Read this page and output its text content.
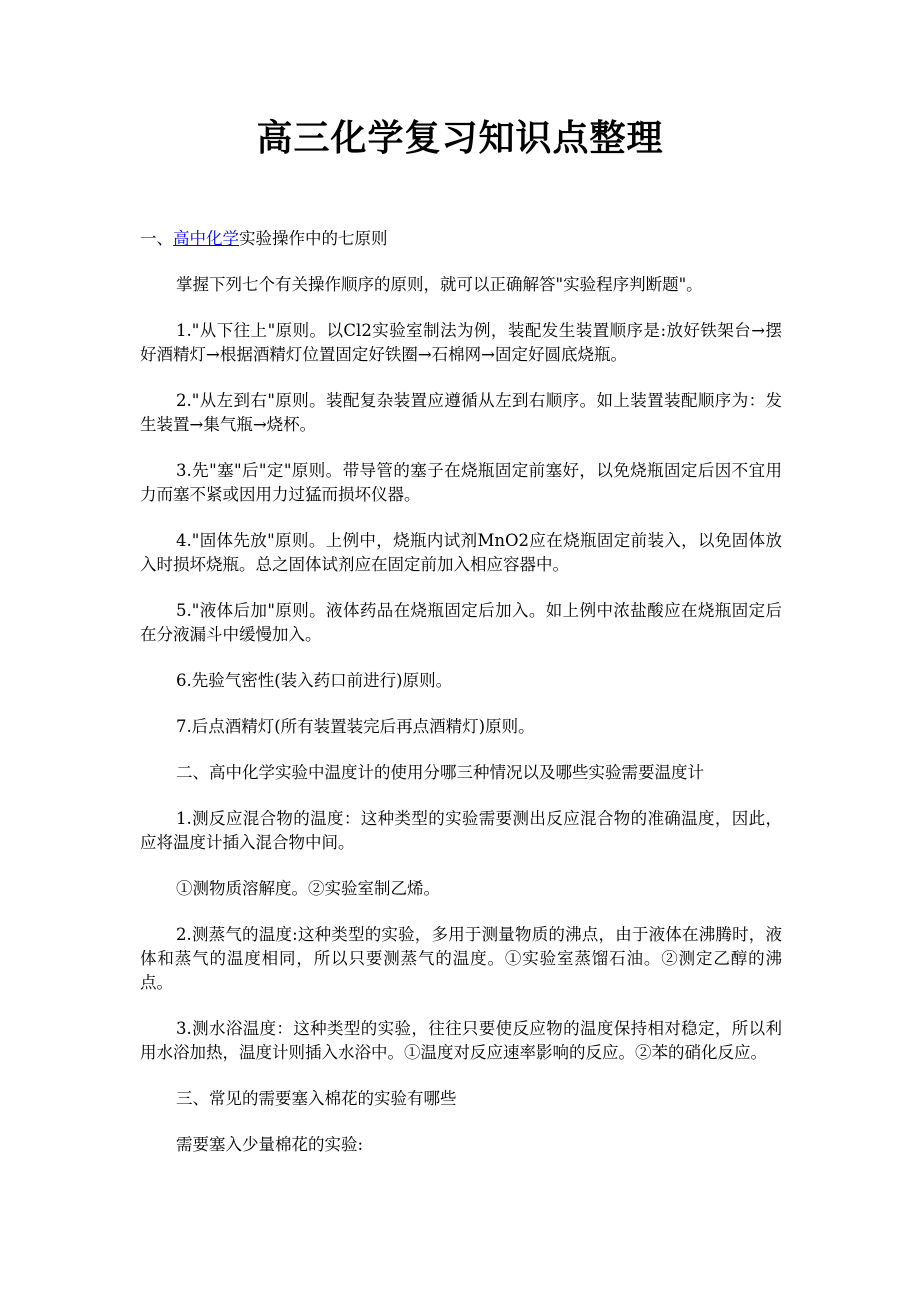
高三化学复习知识点整理

一、高中化学实验操作中的七原则

掌握下列七个有关操作顺序的原则，就可以正确解答"实验程序判断题"。

1."从下往上"原则。以Cl2实验室制法为例，装配发生装置顺序是:放好铁架台→摆好酒精灯→根据酒精灯位置固定好铁圈→石棉网→固定好圆底烧瓶。

2."从左到右"原则。装配复杂装置应遵循从左到右顺序。如上装置装配顺序为：发生装置→集气瓶→烧杯。

3.先"塞"后"定"原则。带导管的塞子在烧瓶固定前塞好，以免烧瓶固定后因不宜用力而塞不紧或因用力过猛而损坏仪器。

4."固体先放"原则。上例中，烧瓶内试剂MnO2应在烧瓶固定前装入，以免固体放入时损坏烧瓶。总之固体试剂应在固定前加入相应容器中。

5."液体后加"原则。液体药品在烧瓶固定后加入。如上例中浓盐酸应在烧瓶固定后在分液漏斗中缓慢加入。

6.先验气密性(装入药口前进行)原则。

7.后点酒精灯(所有装置装完后再点酒精灯)原则。

二、高中化学实验中温度计的使用分哪三种情况以及哪些实验需要温度计

1.测反应混合物的温度：这种类型的实验需要测出反应混合物的准确温度，因此，应将温度计插入混合物中间。

①测物质溶解度。②实验室制乙烯。

2.测蒸气的温度:这种类型的实验，多用于测量物质的沸点，由于液体在沸腾时，液体和蒸气的温度相同，所以只要测蒸气的温度。①实验室蒸馏石油。②测定乙醇的沸点。

3.测水浴温度：这种类型的实验，往往只要使反应物的温度保持相对稳定，所以利用水浴加热，温度计则插入水浴中。①温度对反应速率影响的反应。②苯的硝化反应。

三、常见的需要塞入棉花的实验有哪些

需要塞入少量棉花的实验:
